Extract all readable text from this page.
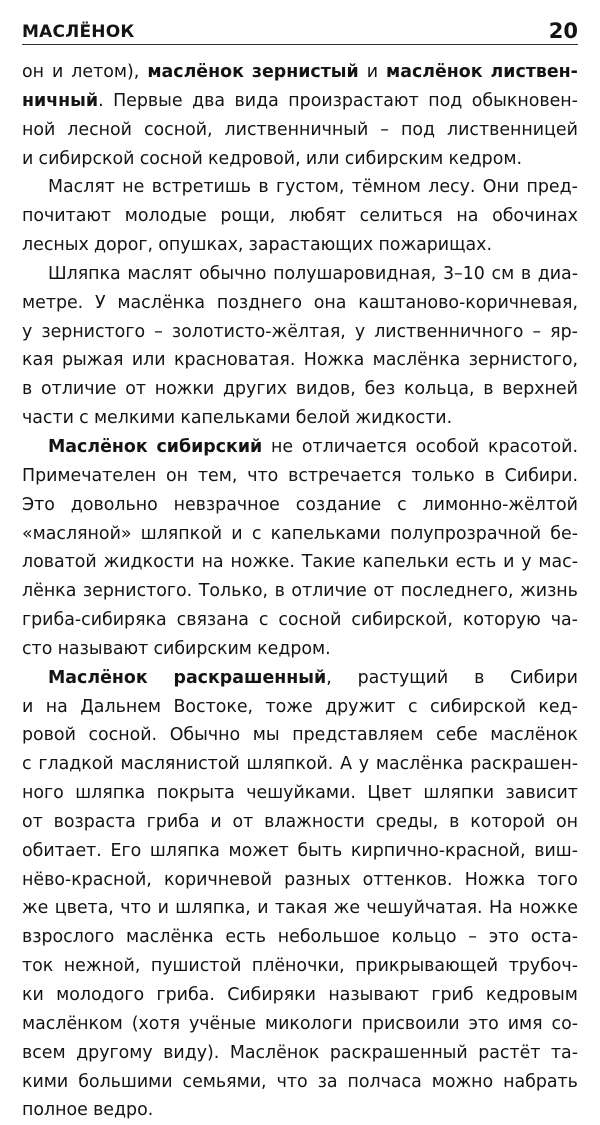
МАСЛЁНОК	20
он и летом), маслёнок зернистый и маслёнок листвен-
ничный. Первые два вида произрастают под обыкновен-
ной лесной сосной, лиственничный – под лиственницей
и сибирской сосной кедровой, или сибирским кедром.
Маслят не встретишь в густом, тёмном лесу. Они пред-
почитают молодые рощи, любят селиться на обочинах
лесных дорог, опушках, зарастающих пожарищах.
Шляпка маслят обычно полушаровидная, 3–10 см в диа-
метре. У маслёнка позднего она каштаново-коричневая,
у зернистого – золотисто-жёлтая, у лиственничного – яр-
кая рыжая или красноватая. Ножка маслёнка зернистого,
в отличие от ножки других видов, без кольца, в верхней
части с мелкими капельками белой жидкости.
Маслёнок сибирский не отличается особой красотой.
Примечателен он тем, что встречается только в Сибири.
Это довольно невзрачное создание с лимонно-жёлтой
«масляной» шляпкой и с капельками полупрозрачной бе-
ловатой жидкости на ножке. Такие капельки есть и у мас-
лёнка зернистого. Только, в отличие от последнего, жизнь
гриба-сибиряка связана с сосной сибирской, которую ча-
сто называют сибирским кедром.
Маслёнок раскрашенный, растущий в Сибири
и на Дальнем Востоке, тоже дружит с сибирской кед-
ровой сосной. Обычно мы представляем себе маслёнок
с гладкой маслянистой шляпкой. А у маслёнка раскрашен-
ного шляпка покрыта чешуйками. Цвет шляпки зависит
от возраста гриба и от влажности среды, в которой он
обитает. Его шляпка может быть кирпично-красной, виш-
нёво-красной, коричневой разных оттенков. Ножка того
же цвета, что и шляпка, и такая же чешуйчатая. На ножке
взрослого маслёнка есть небольшое кольцо – это оста-
ток нежной, пушистой плёночки, прикрывающей трубоч-
ки молодого гриба. Сибиряки называют гриб кедровым
маслёнком (хотя учёные микологи присвоили это имя со-
всем другому виду). Маслёнок раскрашенный растёт та-
кими большими семьями, что за полчаса можно набрать
полное ведро.
